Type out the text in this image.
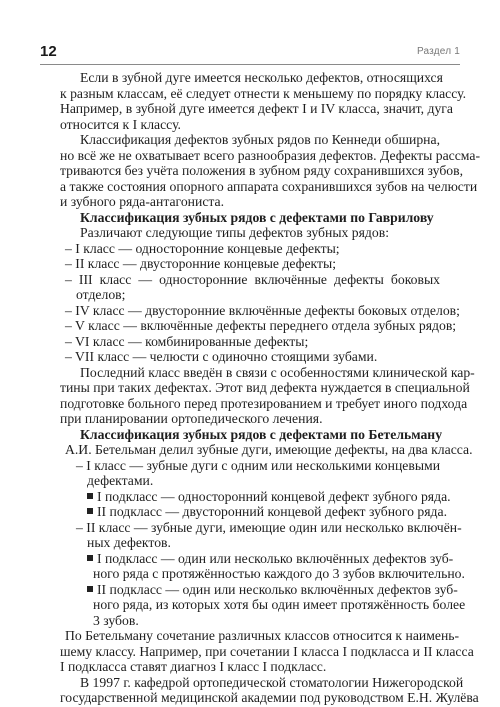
12	Раздел 1
Если в зубной дуге имеется несколько дефектов, относящихся
к разным классам, её следует отнести к меньшему по порядку классу.
Например, в зубной дуге имеется дефект I и IV класса, значит, дуга
относится к I классу.
Классификация дефектов зубных рядов по Кеннеди обширна,
но всё же не охватывает всего разнообразия дефектов. Дефекты рассма-
триваются без учёта положения в зубном ряду сохранившихся зубов,
а также состояния опорного аппарата сохранившихся зубов на челюсти
и зубного ряда-антагониста.
Классификация зубных рядов с дефектами по Гаврилову
Различают следующие типы дефектов зубных рядов:
– I класс — односторонние концевые дефекты;
– II класс — двусторонние концевые дефекты;
– III класс — односторонние включённые дефекты боковых
отделов;
– IV класс — двусторонние включённые дефекты боковых отделов;
– V класс — включённые дефекты переднего отдела зубных рядов;
– VI класс — комбинированные дефекты;
– VII класс — челюсти с одиночно стоящими зубами.
Последний класс введён в связи с особенностями клинической кар-
тины при таких дефектах. Этот вид дефекта нуждается в специальной
подготовке больного перед протезированием и требует иного подхода
при планировании ортопедического лечения.
Классификация зубных рядов с дефектами по Бетельману
А.И. Бетельман делил зубные дуги, имеющие дефекты, на два класса.
– I класс — зубные дуги с одним или несколькими концевыми
дефектами.
I подкласс — односторонний концевой дефект зубного ряда.
II подкласс — двусторонний концевой дефект зубного ряда.
– II класс — зубные дуги, имеющие один или несколько включён-
ных дефектов.
I подкласс — один или несколько включённых дефектов зуб-
ного ряда с протяжённостью каждого до 3 зубов включительно.
II подкласс — один или несколько включённых дефектов зуб-
ного ряда, из которых хотя бы один имеет протяжённость более
3 зубов.
По Бетельману сочетание различных классов относится к наимень-
шему классу. Например, при сочетании I класса I подкласса и II класса
I подкласса ставят диагноз I класс I подкласс.
В 1997 г. кафедрой ортопедической стоматологии Нижегородской
государственной медицинской академии под руководством Е.Н. Жулёва
